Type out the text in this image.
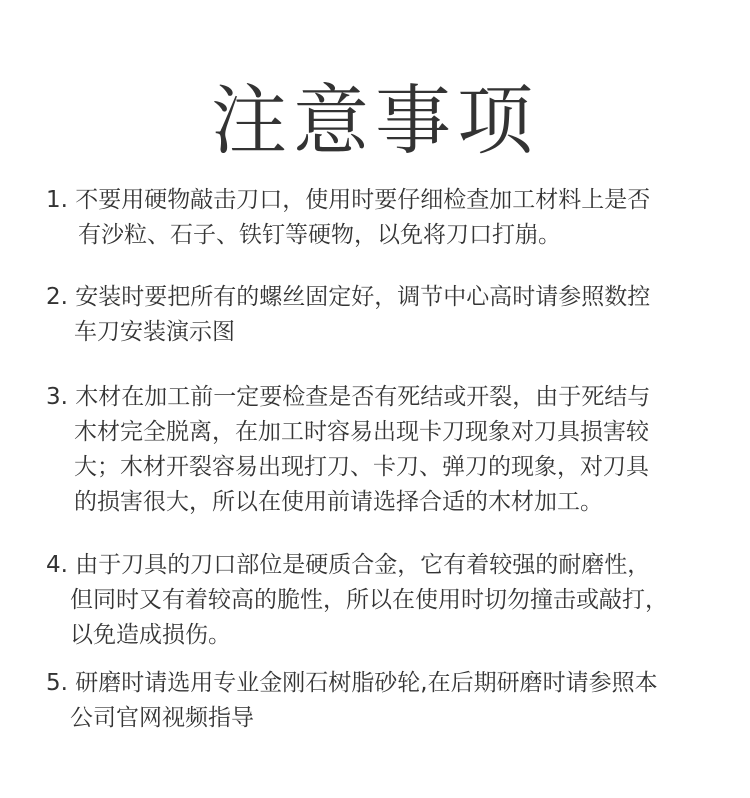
注意事项
1. 不要用硬物敲击刀口，使用时要仔细检查加工材料上是否
有沙粒、石子、铁钉等硬物，以免将刀口打崩。
2. 安装时要把所有的螺丝固定好，调节中心高时请参照数控
车刀安装演示图
3. 木材在加工前一定要检查是否有死结或开裂，由于死结与
木材完全脱离，在加工时容易出现卡刀现象对刀具损害较
大；木材开裂容易出现打刀、卡刀、弹刀的现象，对刀具
的损害很大，所以在使用前请选择合适的木材加工。
4. 由于刀具的刀口部位是硬质合金，它有着较强的耐磨性，
但同时又有着较高的脆性，所以在使用时切勿撞击或敲打，
以免造成损伤。
5. 研磨时请选用专业金刚石树脂砂轮,在后期研磨时请参照本
公司官网视频指导
